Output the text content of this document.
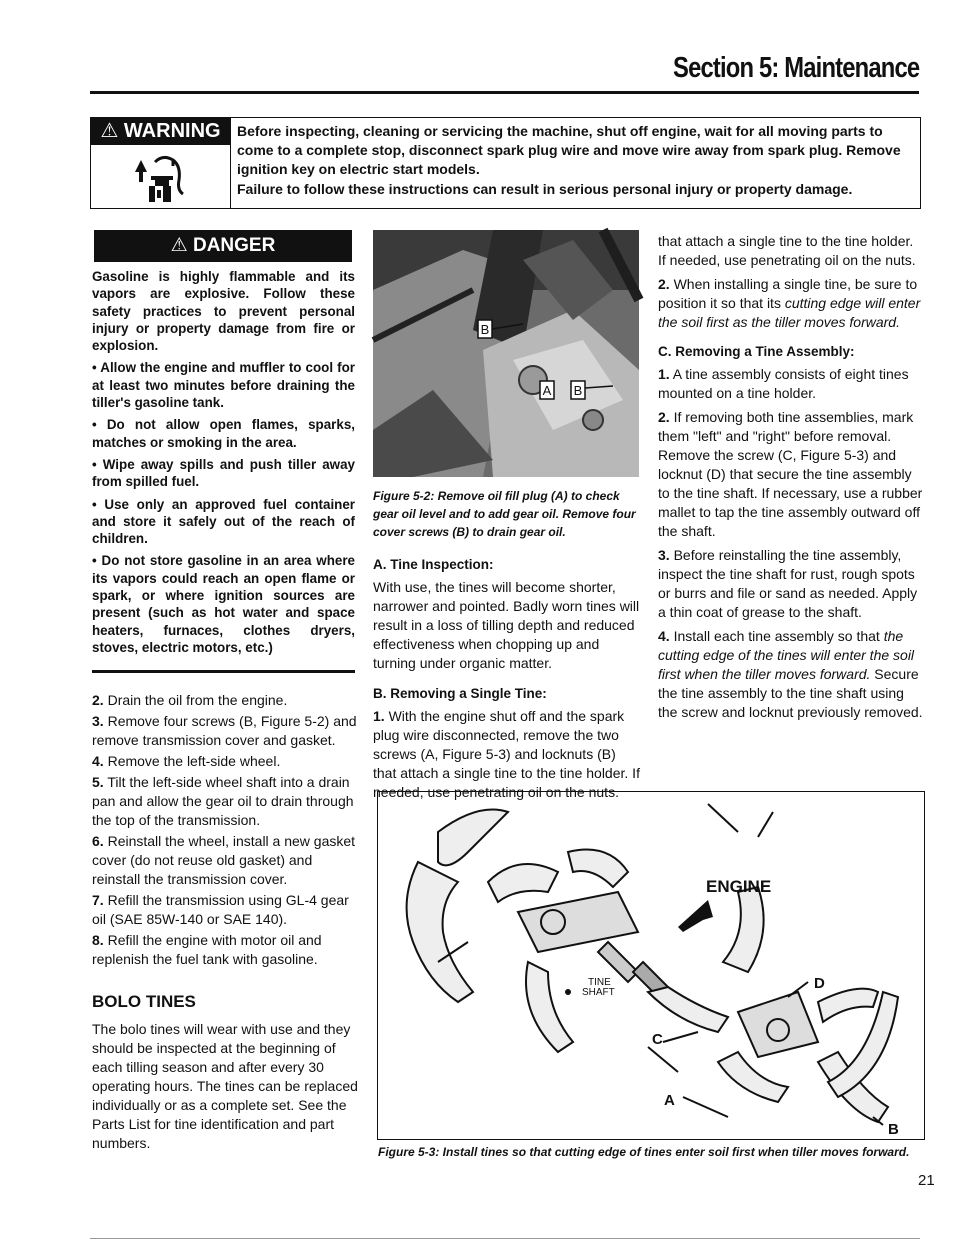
Section 5: Maintenance
⚠ WARNING	Before inspecting, cleaning or servicing the machine, shut off engine, wait for all moving parts to come to a complete stop, disconnect spark plug wire and move wire away from spark plug. Remove ignition key on electric start models.

Failure to follow these instructions can result in serious personal injury or property damage.

⚠ DANGER

Gasoline is highly flammable and its vapors are explosive. Follow these safety practices to prevent personal injury or property damage from fire or explosion.

• Allow the engine and muffler to cool for at least two minutes before draining the tiller's gasoline tank.

• Do not allow open flames, sparks, matches or smoking in the area.

• Wipe away spills and push tiller away from spilled fuel.

• Use only an approved fuel container and store it safely out of the reach of children.

• Do not store gasoline in an area where its vapors could reach an open flame or spark, or where ignition sources are present (such as hot water and space heaters, furnaces, clothes dryers, stoves, electric motors, etc.)

2. Drain the oil from the engine.

3. Remove four screws (B, Figure 5-2) and remove transmission cover and gasket.

4. Remove the left-side wheel.

5. Tilt the left-side wheel shaft into a drain pan and allow the gear oil to drain through the top of the transmission.

6. Reinstall the wheel, install a new gasket cover (do not reuse old gasket) and reinstall the transmission cover.

7. Refill the transmission using GL-4 gear oil (SAE 85W-140 or SAE 140).

8. Refill the engine with motor oil and replenish the fuel tank with gasoline.

BOLO TINES
The bolo tines will wear with use and they should be inspected at the beginning of each tilling season and after every 30 operating hours. The tines can be replaced individually or as a complete set. See the Parts List for tine identification and part numbers.
B
A B
Figure 5-2: Remove oil fill plug (A) to check gear oil level and to add gear oil. Remove four cover screws (B) to drain gear oil.
A. Tine Inspection:

With use, the tines will become shorter, narrower and pointed. Badly worn tines will result in a loss of tilling depth and reduced effectiveness when chopping up and turning under organic matter.

B. Removing a Single Tine:

1. With the engine shut off and the spark plug wire disconnected, remove the two screws (A, Figure 5-3) and locknuts (B) that attach a single tine to the tine holder. If needed, use penetrating oil on the nuts.

that attach a single tine to the tine holder. If needed, use penetrating oil on the nuts.

2. When installing a single tine, be sure to position it so that its cutting edge will enter the soil first as the tiller moves forward.

C. Removing a Tine Assembly:

1. A tine assembly consists of eight tines mounted on a tine holder.

2. If removing both tine assemblies, mark them "left" and "right" before removal. Remove the screw (C, Figure 5-3) and locknut (D) that secure the tine assembly to the tine shaft. If necessary, use a rubber mallet to tap the tine assembly outward off the shaft.

3. Before reinstalling the tine assembly, inspect the tine shaft for rust, rough spots or burrs and file or sand as needed. Apply a thin coat of grease to the shaft.

4. Install each tine assembly so that the cutting edge of the tines will enter the soil first when the tiller moves forward. Secure the tine assembly to the tine shaft using the screw and locknut previously removed.

ENGINE
TINE
SHAFT
D
C
A
B
Figure 5-3: Install tines so that cutting edge of tines enter soil first when tiller moves forward.
21
